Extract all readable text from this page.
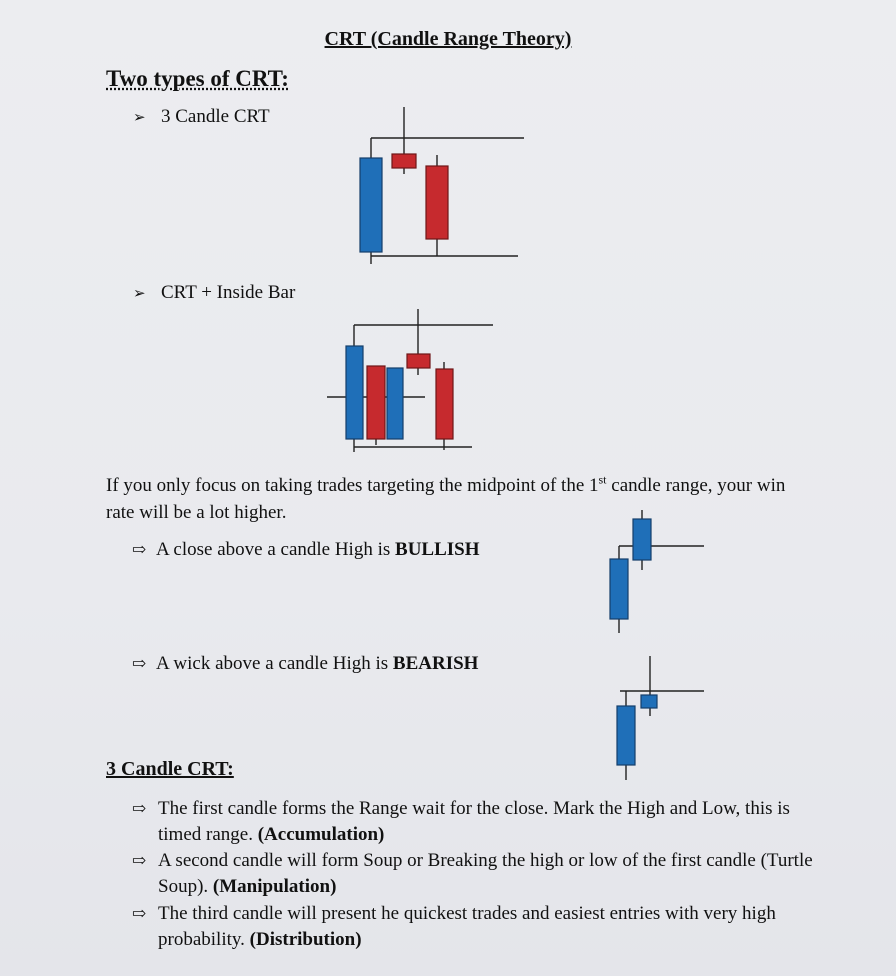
CRT (Candle Range Theory)
Two types of CRT:
➢ 3 Candle CRT
➢ CRT + Inside Bar
If you only focus on taking trades targeting the midpoint of the 1st candle range, your win rate will be a lot higher.
⇨ A close above a candle High is BULLISH
⇨ A wick above a candle High is BEARISH
3 Candle CRT:
⇨ The first candle forms the Range wait for the close. Mark the High and Low, this is timed range. (Accumulation)
⇨ A second candle will form Soup or Breaking the high or low of the first candle (Turtle Soup). (Manipulation)
⇨ The third candle will present he quickest trades and easiest entries with very high probability. (Distribution)
